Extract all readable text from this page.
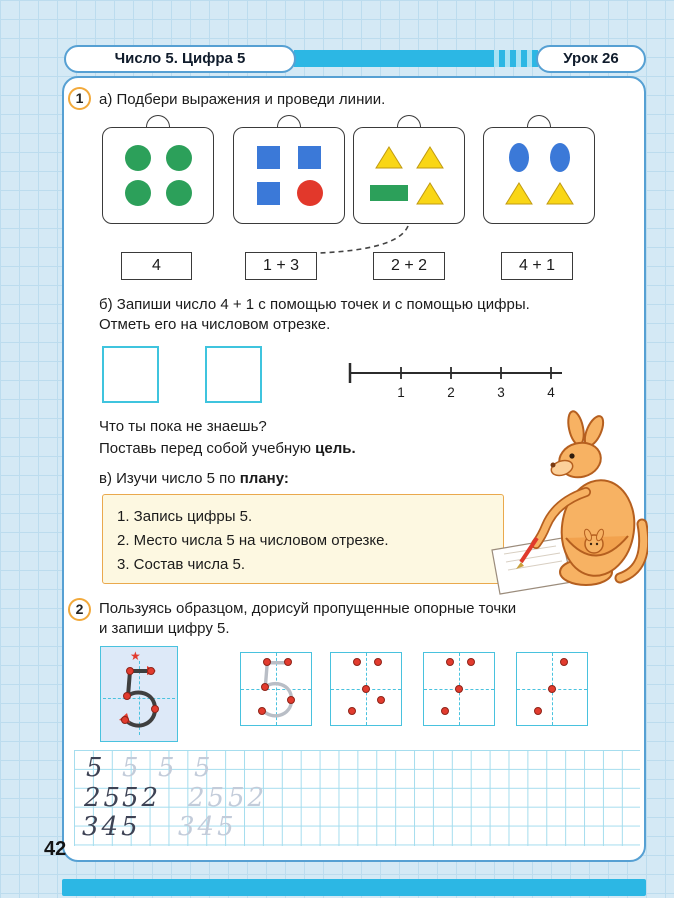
Число 5. Цифра 5	Урок 26
1	а) Подбери выражения и проведи линии.
4	1 + 3	2 + 2	4 + 1
б) Запиши число 4 + 1 с помощью точек и с помощью цифры.
Отметь его на числовом отрезке.
1	2	3	4
Что ты пока не знаешь?
Поставь перед собой учебную цель.
в) Изучи число 5 по плану:
1. Запись цифры 5.
2. Место числа 5 на числовом отрезке.
3. Состав числа 5.
2	Пользуясь образцом, дорисуй пропущенные опорные точки
и запиши цифру 5.
★
5 5 5 5
25
52 25 52
345 345
42
